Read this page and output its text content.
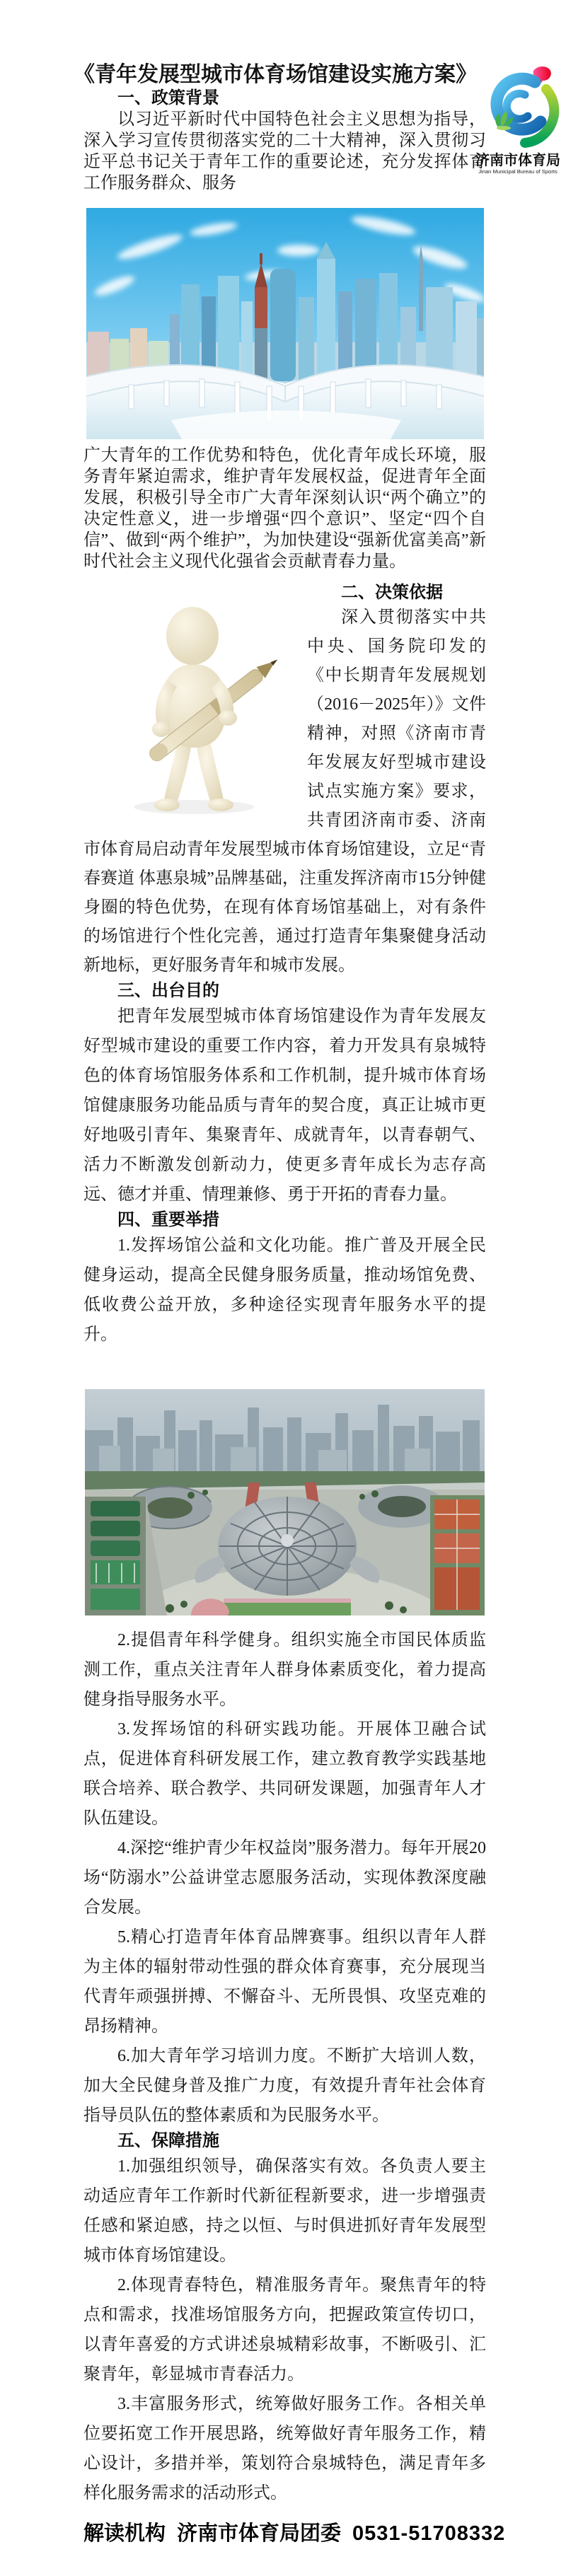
《青年发展型城市体育场馆建设实施方案》
济南市体育局
Jinan Municipal Bureau of Sports
一、政策背景

以习近平新时代中国特色社会主义思想为指导，深入学习宣传贯彻落实党的二十大精神，深入贯彻习近平总书记关于青年工作的重要论述，充分发挥体育工作服务群众、服务

广大青年的工作优势和特色，优化青年成长环境，服务青年紧迫需求，维护青年发展权益，促进青年全面发展，积极引导全市广大青年深刻认识“两个确立”的决定性意义，进一步增强“四个意识”、坚定“四个自信”、做到“两个维护”，为加快建设“强新优富美高”新时代社会主义现代化强省会贡献青春力量。

二、决策依据

深入贯彻落实中共中央、国务院印发的《中长期青年发展规划（2016－2025年）》文件精神，对照《济南市青年发展友好型城市建设试点实施方案》要求，共青团济南市委、济南市体育局启动青年发展型城市体育场馆建设，立足“青春赛道 体惠泉城”品牌基础，注重发挥济南市15分钟健身圈的特色优势，在现有体育场馆基础上，对有条件的场馆进行个性化完善，通过打造青年集聚健身活动新地标，更好服务青年和城市发展。

三、出台目的

把青年发展型城市体育场馆建设作为青年发展友好型城市建设的重要工作内容，着力开发具有泉城特色的体育场馆服务体系和工作机制，提升城市体育场馆健康服务功能品质与青年的契合度，真正让城市更好地吸引青年、集聚青年、成就青年，以青春朝气、活力不断激发创新动力，使更多青年成长为志存高远、德才并重、情理兼修、勇于开拓的青春力量。

四、重要举措

1.发挥场馆公益和文化功能。推广普及开展全民健身运动，提高全民健身服务质量，推动场馆免费、低收费公益开放，多种途径实现青年服务水平的提升。

2.提倡青年科学健身。组织实施全市国民体质监测工作，重点关注青年人群身体素质变化，着力提高健身指导服务水平。

3.发挥场馆的科研实践功能。开展体卫融合试点，促进体育科研发展工作，建立教育教学实践基地联合培养、联合教学、共同研发课题，加强青年人才队伍建设。

4.深挖“维护青少年权益岗”服务潜力。每年开展20场“防溺水”公益讲堂志愿服务活动，实现体教深度融合发展。

5.精心打造青年体育品牌赛事。组织以青年人群为主体的辐射带动性强的群众体育赛事，充分展现当代青年顽强拼搏、不懈奋斗、无所畏惧、攻坚克难的昂扬精神。

6.加大青年学习培训力度。不断扩大培训人数，加大全民健身普及推广力度，有效提升青年社会体育指导员队伍的整体素质和为民服务水平。

五、保障措施

1.加强组织领导，确保落实有效。各负责人要主动适应青年工作新时代新征程新要求，进一步增强责任感和紧迫感，持之以恒、与时俱进抓好青年发展型城市体育场馆建设。

2.体现青春特色，精准服务青年。聚焦青年的特点和需求，找准场馆服务方向，把握政策宣传切口，以青年喜爱的方式讲述泉城精彩故事，不断吸引、汇聚青年，彰显城市青春活力。

3.丰富服务形式，统筹做好服务工作。各相关单位要拓宽工作开展思路，统筹做好青年服务工作，精心设计，多措并举，策划符合泉城特色，满足青年多样化服务需求的活动形式。

解读机构 济南市体育局团委 0531-51708332
